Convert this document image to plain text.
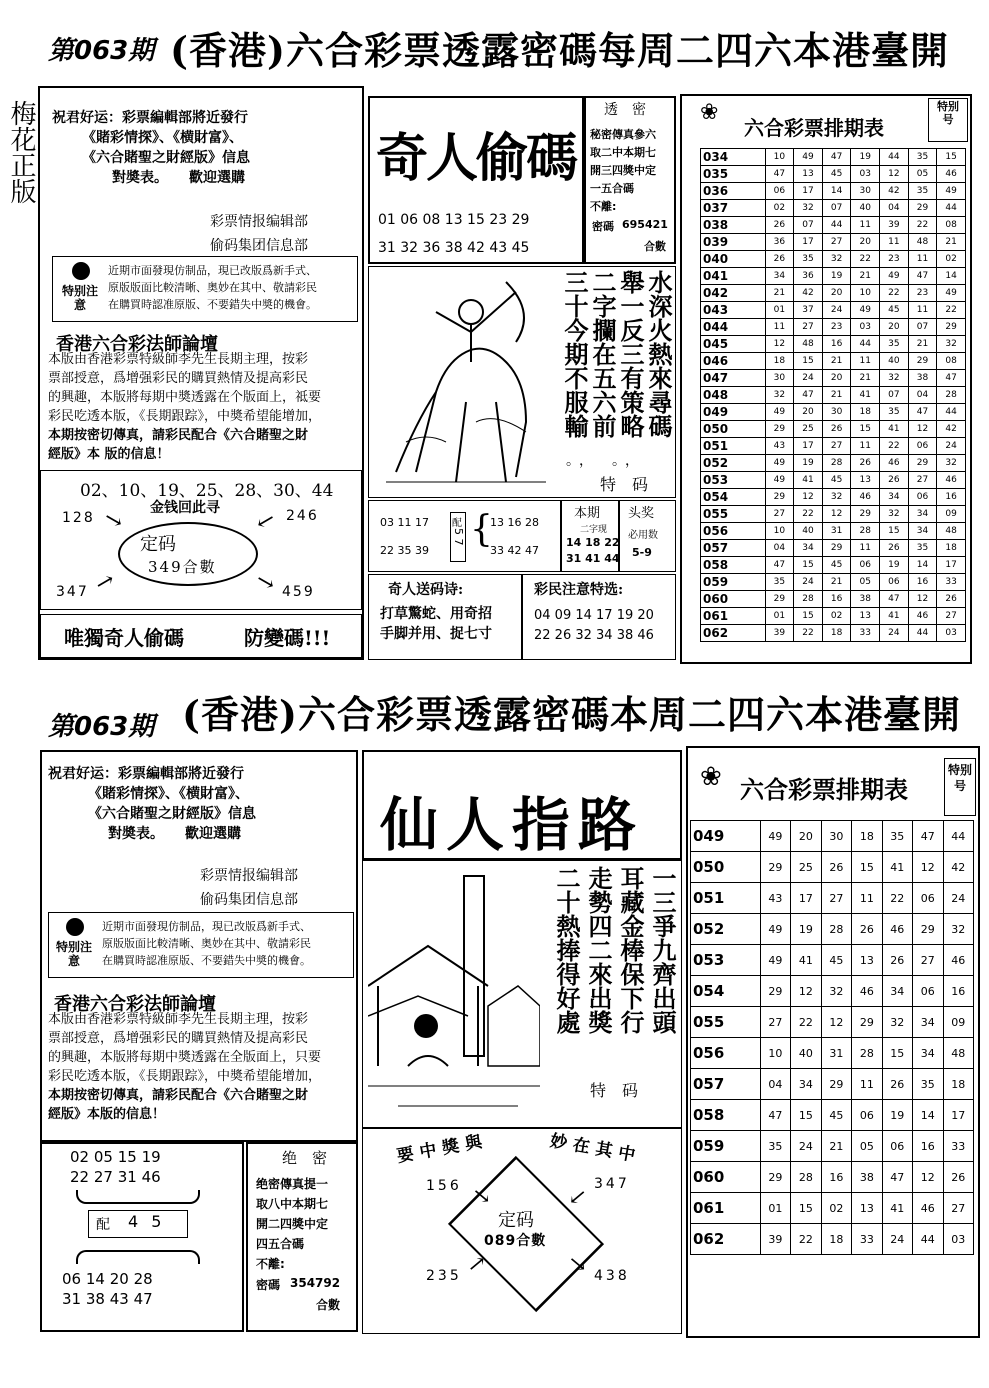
第063期 (香港)六合彩票透露密碼每周二四六本港臺開
梅花正版 祝君好运：彩票編輯部將近發行
《賭彩情探》、《横財富》、
《六合賭聖之財經版》信息
對奬表。　　歡迎選購
彩票情报编辑部
偷码集团信息部
特别注意
近期市面發現仿制品，現已改版爲新手式、
原版版面比較清晰、奥妙在其中、敬請彩民
在購買時認准原版、不要錯失中奬的機會。
香港六合彩法師論壇
本版由香港彩票特級師李先生長期主理，按彩
票部授意，爲增强彩民的購買熱情及提高彩民
的興趣，本版將每期中奬透露在个版面上，祗要
彩民吃透本版，《長期跟踪》，中奬希望能增加，
本期按密切傳真，請彩民配合《六合賭聖之財
經版》本 版的信息！
02、10、19、25、28、30、44
金钱回此寻
128	246
347	459
→	→
→	→
定码
349合數
唯獨奇人偷碼	防變碼!!!
奇人偷碼
01 06 08 13 15 23 29
31 32 36 38 42 43 45
透　密
秘密傳真參六
取二中本期七
開三四獎中定
一五合碼
不離:
密碼 695421
合數
水深火熱來尋碼
舉一反三有策略
二字攔在五六前
三十今期不服輸
。，　。，
特　码
03 11 17
22 35 39
配
5 7 {
13 16 28
33 42 47
本期
二字现
14 18 22
31 41 44
头奖
必用数
5-9
奇人送码诗:
打草驚蛇、用奇招
手脚并用、捉七寸
彩民注意特选:
04 09 14 17 19 20
22 26 32 34 38 46
❀
六合彩票排期表
特别号
034	10	49	47	19	44	35	15
035	47	13	45	03	12	05	46
036	06	17	14	30	42	35	49
037	02	32	07	40	04	29	44
038	26	07	44	11	39	22	08
039	36	17	27	20	11	48	21
040	26	35	32	22	23	11	02
041	34	36	19	21	49	47	14
042	21	42	20	10	22	23	49
043	01	37	24	49	45	11	22
044	11	27	23	03	20	07	29
045	12	48	16	44	35	21	32
046	18	15	21	11	40	29	08
047	30	24	20	21	32	38	47
048	32	47	21	41	07	04	28
049	49	20	30	18	35	47	44
050	29	25	26	15	41	12	42
051	43	17	27	11	22	06	24
052	49	19	28	26	46	29	32
053	49	41	45	13	26	27	46
054	29	12	32	46	34	06	16
055	27	22	12	29	32	34	09
056	10	40	31	28	15	34	48
057	04	34	29	11	26	35	18
058	47	15	45	06	19	14	17
059	35	24	21	05	06	16	33
060	29	28	16	38	47	12	26
061	01	15	02	13	41	46	27
062	39	22	18	33	24	44	03
第063期 (香港)六合彩票透露密碼本周二四六本港臺開
祝君好运：彩票編輯部將近發行
《賭彩情探》、《横財富》、
《六合賭聖之財經版》信息
對奬表。　　歡迎選購
彩票情报编辑部
偷码集团信息部
特别注意
近期市面發現仿制品，現已改版爲新手式、
原版版面比較清晰、奥妙在其中、敬請彩民
在購買時認准原版、不要錯失中奬的機會。
香港六合彩法師論壇
本版由香港彩票特級師李先生長期主理，按彩
票部授意，爲增强彩民的購買熱情及提高彩民
的興趣，本版將每期中奬透露在全版面上，只要
彩民吃透本版，《長期跟踪》，中奬希望能增加，
本期按密切傳真，請彩民配合《六合賭聖之財
經版》本版的信息！
02 05 15 19
22 27 31 46
配 4 5
06 14 20 28
31 38 43 47
绝　密
绝密傳真提一
取八中本期七
開二四獎中定
四五合碼
不離:
密碼 354792
合數
仙人指路
一三爭九齊出頭
耳藏金棒保下行
走勢四二來出獎
二十熱捧得好處
特　码
要中獎與	妙在其中
156	347
235	438
→	→
→	→
定码
089合數
❀ 六合彩票排期表
特别号
049	49	20	30	18	35	47	44
050	29	25	26	15	41	12	42
051	43	17	27	11	22	06	24
052	49	19	28	26	46	29	32
053	49	41	45	13	26	27	46
054	29	12	32	46	34	06	16
055	27	22	12	29	32	34	09
056	10	40	31	28	15	34	48
057	04	34	29	11	26	35	18
058	47	15	45	06	19	14	17
059	35	24	21	05	06	16	33
060	29	28	16	38	47	12	26
061	01	15	02	13	41	46	27
062	39	22	18	33	24	44	03
